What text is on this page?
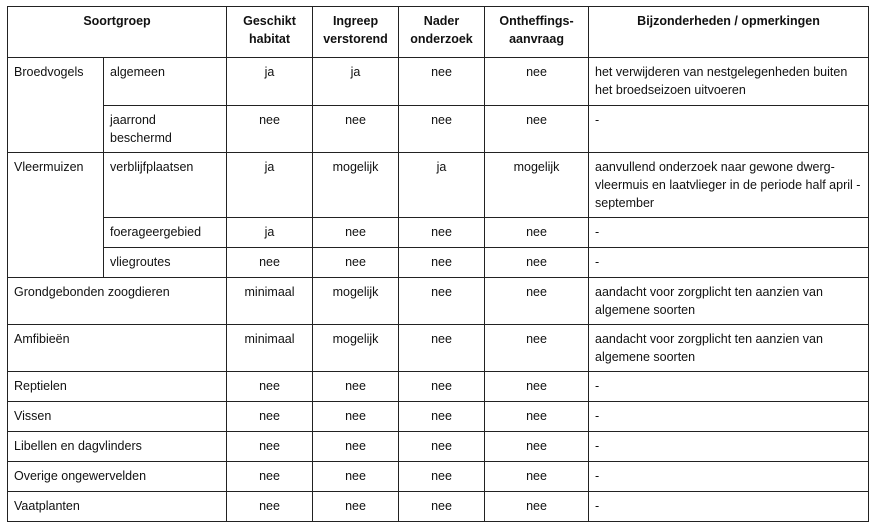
Soortgroep		Geschikt habitat	Ingreep verstorend	Nader onderzoek	Ontheffings-aanvraag	Bijzonderheden / opmerkingen
Broedvogels	algemeen	ja	ja	nee	nee	het verwijderen van nestgelegenheden buiten het broedseizoen uitvoeren
	jaarrond beschermd	nee	nee	nee	nee	-
Vleermuizen	verblijfplaatsen	ja	mogelijk	ja	mogelijk	aanvullend onderzoek naar gewone dwerg-vleermuis en laatvlieger in de periode half april - september
	foerageergebied	ja	nee	nee	nee	-
	vliegroutes	nee	nee	nee	nee	-
Grondgebonden zoogdieren		minimaal	mogelijk	nee	nee	aandacht voor zorgplicht ten aanzien van algemene soorten
Amfibieën		minimaal	mogelijk	nee	nee	aandacht voor zorgplicht ten aanzien van algemene soorten
Reptielen		nee	nee	nee	nee	-
Vissen		nee	nee	nee	nee	-
Libellen en dagvlinders		nee	nee	nee	nee	-
Overige ongewervelden		nee	nee	nee	nee	-
Vaatplanten		nee	nee	nee	nee	-
